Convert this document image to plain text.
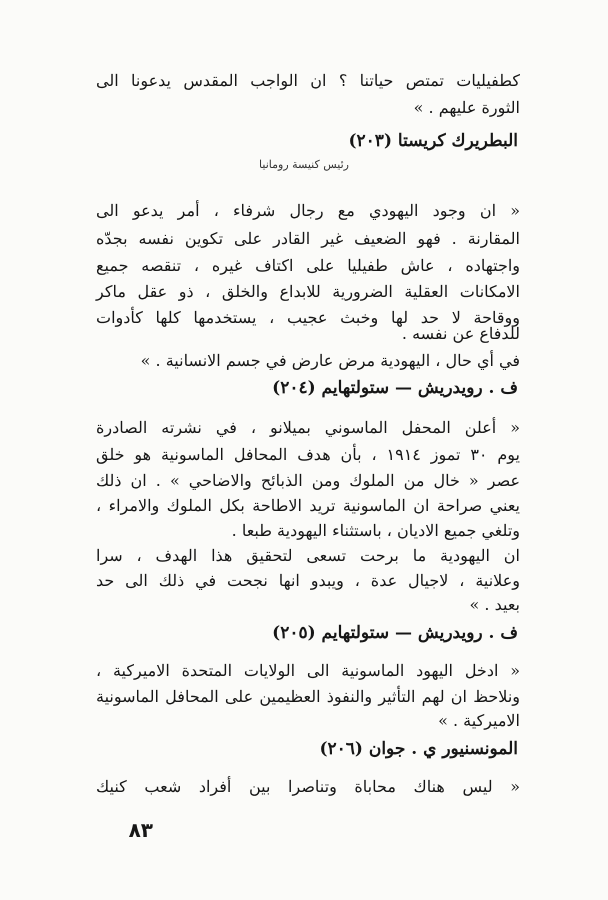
كطفيليات تمتص حياتنا ؟ ان الواجب المقدس يدعونا الى
الثورة عليهم . »
البطريرك كريستا (٢٠٣)
رئيس كنيسة رومانيا
« ان وجود اليهودي مع رجال شرفاء ، أمر يدعو الى
المقارنة . فهو الضعيف غير القادر على تكوين نفسه بجدّه
واجتهاده ، عاش طفيليا على اكتاف غيره ، تنقصه جميع
الامكانات العقلية الضرورية للابداع والخلق ، ذو عقل ماكر
ووقاحة لا حد لها وخبث عجيب ، يستخدمها كلها كأدوات
للدفاع عن نفسه .
في أي حال ، اليهودية مرض عارض في جسم الانسانية . »
ف . رويدريش — ستولتهايم (٢٠٤)
« أعلن المحفل الماسوني بميلانو ، في نشرته الصادرة
يوم ٣٠ تموز ١٩١٤ ، بأن هدف المحافل الماسونية هو خلق
عصر « خال من الملوك ومن الذبائح والاضاحي » . ان ذلك
يعني صراحة ان الماسونية تريد الاطاحة بكل الملوك والامراء ،
وتلغي جميع الاديان ، باستثناء اليهودية طبعا .
ان اليهودية ما برحت تسعى لتحقيق هذا الهدف ، سرا
وعلانية ، لاجيال عدة ، ويبدو انها نجحت في ذلك الى حد
بعيد . »
ف . رويدريش — ستولتهايم (٢٠٥)
« ادخل اليهود الماسونية الى الولايات المتحدة الاميركية ،
ونلاحظ ان لهم التأثير والنفوذ العظيمين على المحافل الماسونية
الاميركية . »
المونسنيور ي . جوان (٢٠٦)
« ليس هناك محاباة وتناصرا بين أفراد شعب كنيك
٨٣
